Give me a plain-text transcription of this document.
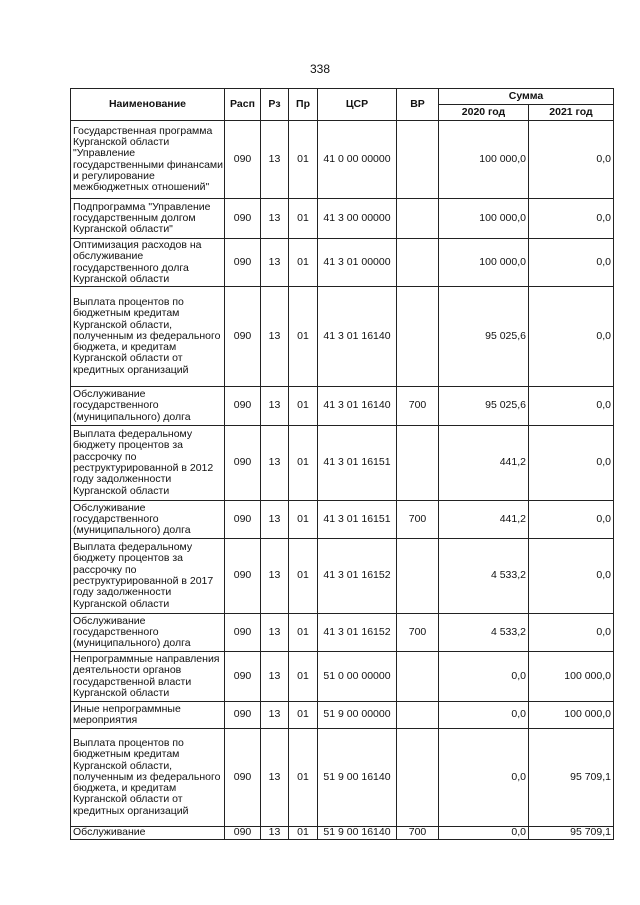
338
Наименование	Расп	Рз	Пр	ЦСР	ВР	Сумма	
						2020 год	2021 год
Государственная программа Курганской области "Управление государственными финансами и регулирование межбюджетных отношений"	090	13	01	41 0 00 00000		100 000,0	0,0
Подпрограмма "Управление государственным долгом Курганской области"	090	13	01	41 3 00 00000		100 000,0	0,0
Оптимизация расходов на обслуживание государственного долга Курганской области	090	13	01	41 3 01 00000		100 000,0	0,0
Выплата процентов по бюджетным кредитам Курганской области, полученным из федерального бюджета, и кредитам Курганской области от кредитных организаций	090	13	01	41 3 01 16140		95 025,6	0,0
Обслуживание государственного (муниципального) долга	090	13	01	41 3 01 16140	700	95 025,6	0,0
Выплата федеральному бюджету процентов за рассрочку по реструктурированной в 2012 году задолженности Курганской области	090	13	01	41 3 01 16151		441,2	0,0
Обслуживание государственного (муниципального) долга	090	13	01	41 3 01 16151	700	441,2	0,0
Выплата федеральному бюджету процентов за рассрочку по реструктурированной в 2017 году задолженности Курганской области	090	13	01	41 3 01 16152		4 533,2	0,0
Обслуживание государственного (муниципального) долга	090	13	01	41 3 01 16152	700	4 533,2	0,0
Непрограммные направления деятельности органов государственной власти Курганской области	090	13	01	51 0 00 00000		0,0	100 000,0
Иные непрограммные мероприятия	090	13	01	51 9 00 00000		0,0	100 000,0
Выплата процентов по бюджетным кредитам Курганской области, полученным из федерального бюджета, и кредитам Курганской области от кредитных организаций	090	13	01	51 9 00 16140		0,0	95 709,1
Обслуживание	090	13	01	51 9 00 16140	700	0,0	95 709,1
